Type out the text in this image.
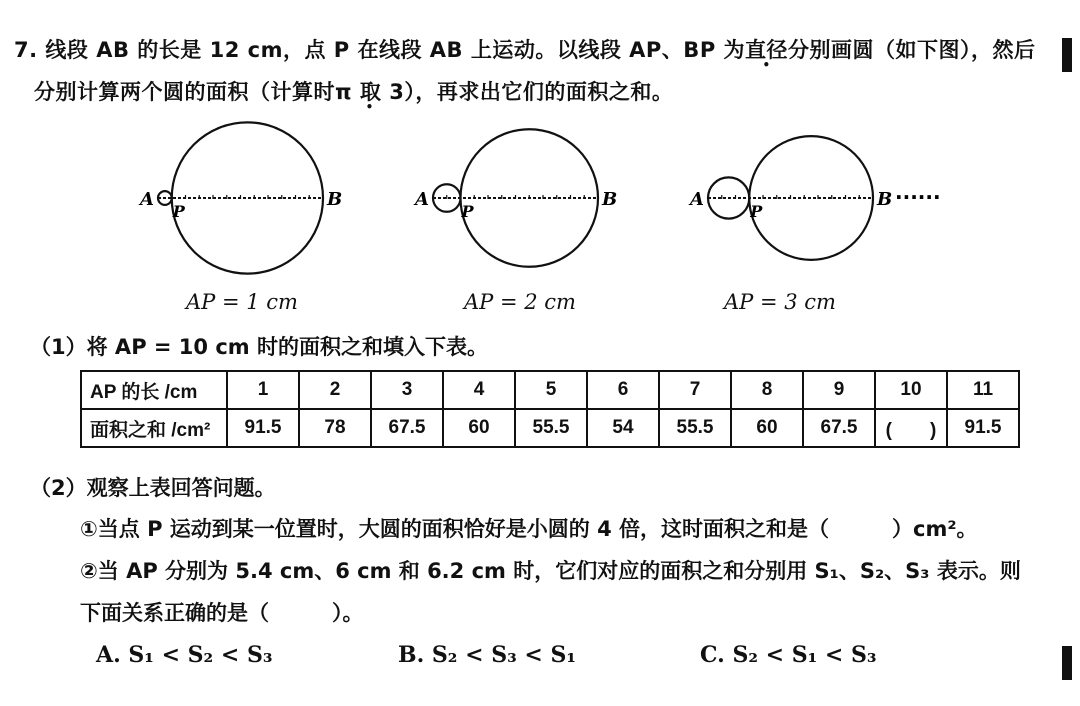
7. 线段 AB 的长是 12 cm，点 P 在线段 AB 上运动。以线段 AP、BP 为直径分别画圆（如下图），然后
分别计算两个圆的面积（计算时π 取 3 •），再求出它们的面积之和。
A	B
P
A	B
P
A	B
P
······
AP = 1 cm	AP = 2 cm	AP = 3 cm
（1）将 AP = 10 cm 时的面积之和填入下表。
AP 的长 /cm	1	2	3	4	5	6	7	8	9	10	11
面积之和 /cm²	91.5	78	67.5	60	55.5	54	55.5	60	67.5	(　　)	91.5
（2）观察上表回答问题。
①当点 P 运动到某一位置时，大圆的面积恰好是小圆的 4 倍，这时面积之和是（　　　）cm²。
②当 AP 分别为 5.4 cm、6 cm 和 6.2 cm 时，它们对应的面积之和分别用 S₁、S₂、S₃ 表示。则
下面关系正确的是（　　　）。
A. S₁ < S₂ < S₃	B. S₂ < S₃ < S₁	C. S₂ < S₁ < S₃
